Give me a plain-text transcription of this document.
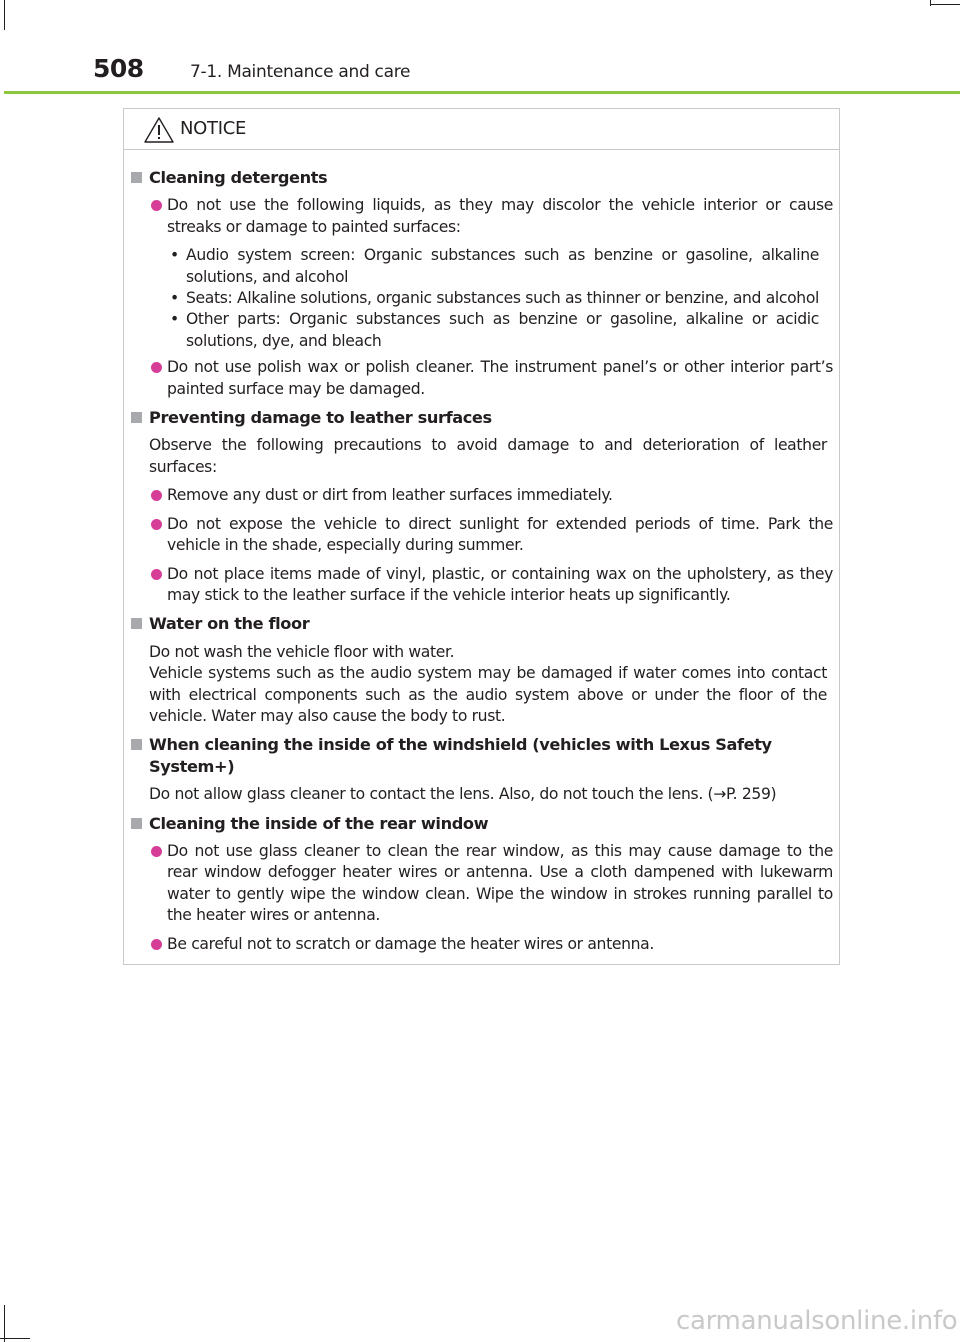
508	7-1. Maintenance and care
NOTICE
Cleaning detergents
Do not use the following liquids, as they may discolor the vehicle interior or cause streaks or damage to painted surfaces:
• Audio system screen: Organic substances such as benzine or gasoline, alkaline solutions, and alcohol
• Seats: Alkaline solutions, organic substances such as thinner or benzine, and alcohol
• Other parts: Organic substances such as benzine or gasoline, alkaline or acidic solutions, dye, and bleach
Do not use polish wax or polish cleaner. The instrument panel’s or other interior part’s painted surface may be damaged.
Preventing damage to leather surfaces
Observe the following precautions to avoid damage to and deterioration of leather surfaces:
Remove any dust or dirt from leather surfaces immediately.
Do not expose the vehicle to direct sunlight for extended periods of time. Park the vehicle in the shade, especially during summer.
Do not place items made of vinyl, plastic, or containing wax on the upholstery, as they may stick to the leather surface if the vehicle interior heats up significantly.
Water on the floor
Do not wash the vehicle floor with water.
Vehicle systems such as the audio system may be damaged if water comes into contact with electrical components such as the audio system above or under the floor of the vehicle. Water may also cause the body to rust.
When cleaning the inside of the windshield (vehicles with Lexus Safety System+)
Do not allow glass cleaner to contact the lens. Also, do not touch the lens. (→P. 259)
Cleaning the inside of the rear window
Do not use glass cleaner to clean the rear window, as this may cause damage to the rear window defogger heater wires or antenna. Use a cloth dampened with lukewarm water to gently wipe the window clean. Wipe the window in strokes running parallel to the heater wires or antenna.
Be careful not to scratch or damage the heater wires or antenna.
carmanualsonline.info
